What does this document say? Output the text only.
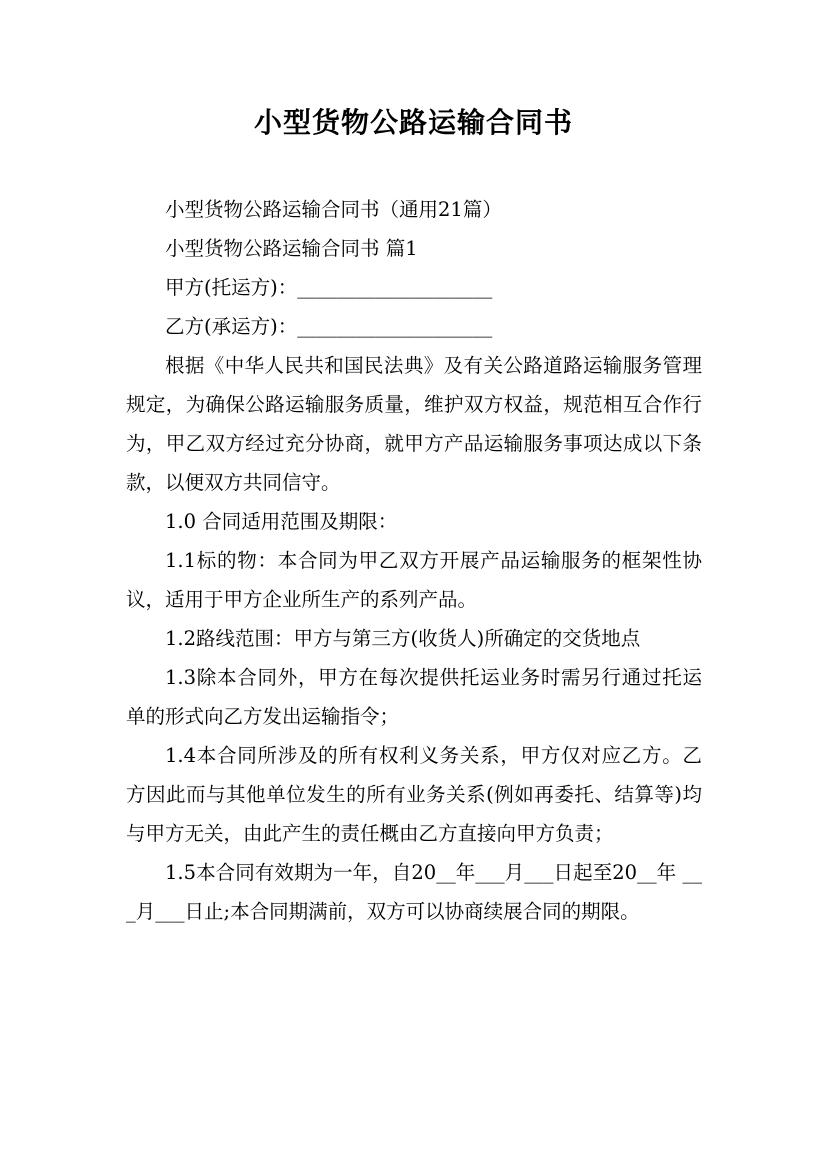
小型货物公路运输合同书

小型货物公路运输合同书（通用21篇）

小型货物公路运输合同书 篇1

甲方(托运方)：____________________

乙方(承运方)：____________________

根据《中华人民共和国民法典》及有关公路道路运输服务管理规定，为确保公路运输服务质量，维护双方权益，规范相互合作行为，甲乙双方经过充分协商，就甲方产品运输服务事项达成以下条款，以便双方共同信守。

1.0 合同适用范围及期限：

1.1标的物：本合同为甲乙双方开展产品运输服务的框架性协议，适用于甲方企业所生产的系列产品。

1.2路线范围：甲方与第三方(收货人)所确定的交货地点

1.3除本合同外，甲方在每次提供托运业务时需另行通过托运单的形式向乙方发出运输指令；

1.4本合同所涉及的所有权利义务关系，甲方仅对应乙方。乙方因此而与其他单位发生的所有业务关系(例如再委托、结算等)均与甲方无关，由此产生的责任概由乙方直接向甲方负责；

1.5本合同有效期为一年，自20__年___月___日起至20__年 ___月___日止;本合同期满前，双方可以协商续展合同的期限。
